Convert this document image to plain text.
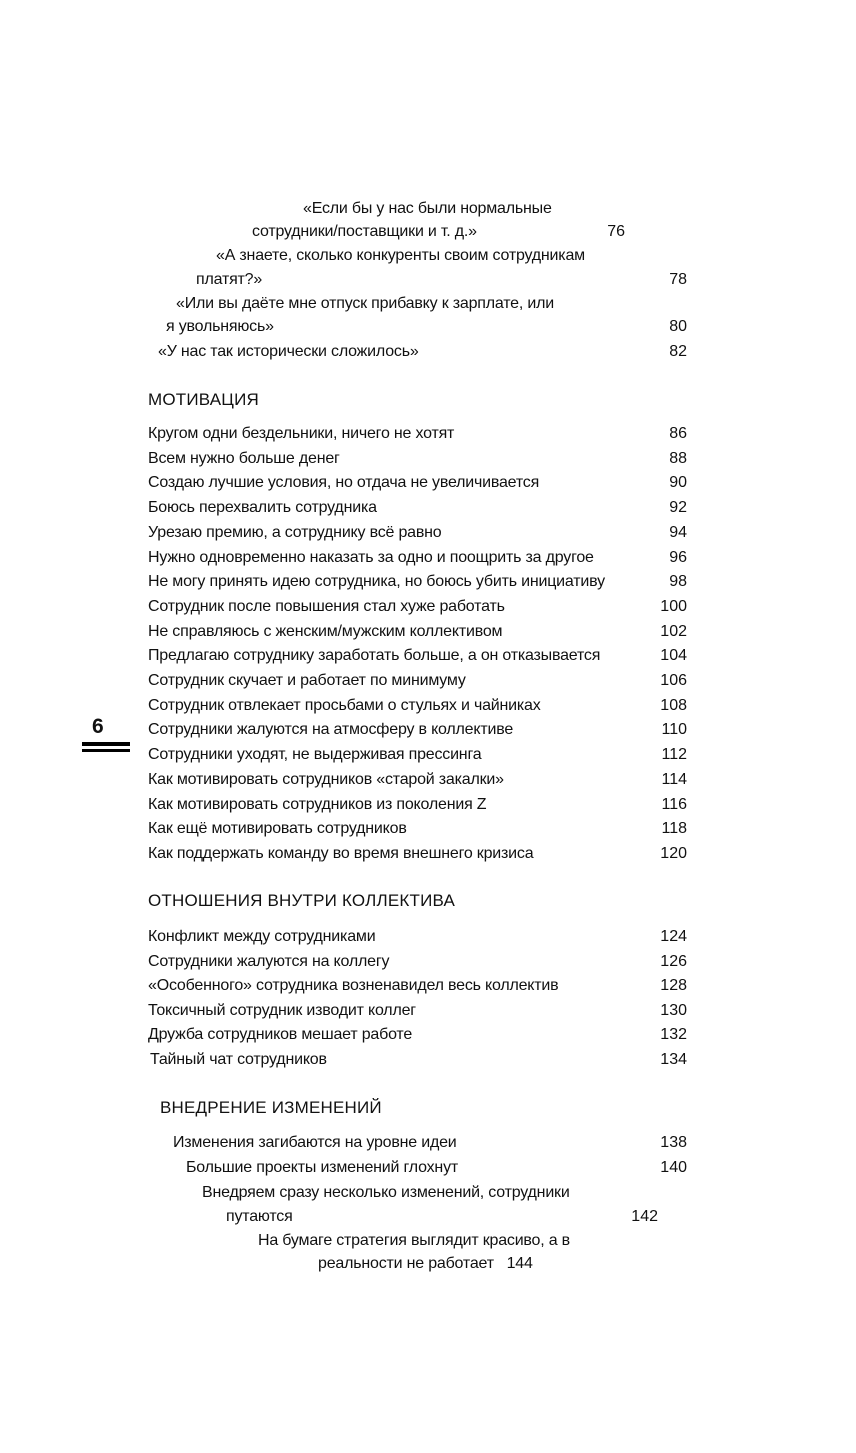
6
«Если бы у нас были нормальные
сотрудники/поставщики и т. д.»	76
«А знаете, сколько конкуренты своим сотрудникам
платят?»	78
«Или вы даёте мне отпуск прибавку к зарплате, или
я увольняюсь»	80
«У нас так исторически сложилось»	82
МОТИВАЦИЯ
Кругом одни бездельники, ничего не хотят	86
Всем нужно больше денег	88
Создаю лучшие условия, но отдача не увеличивается	90
Боюсь перехвалить сотрудника	92
Урезаю премию, а сотруднику всё равно	94
Нужно одновременно наказать за одно и поощрить за другое	96
Не могу принять идею сотрудника, но боюсь убить инициативу	98
Сотрудник после повышения стал хуже работать	100
Не справляюсь с женским/мужским коллективом	102
Предлагаю сотруднику заработать больше, а он отказывается	104
Сотрудник скучает и работает по минимуму	106
Сотрудник отвлекает просьбами о стульях и чайниках	108
Сотрудники жалуются на атмосферу в коллективе	110
Сотрудники уходят, не выдерживая прессинга	112
Как мотивировать сотрудников «старой закалки»	114
Как мотивировать сотрудников из поколения Z	116
Как ещё мотивировать сотрудников	118
Как поддержать команду во время внешнего кризиса	120
ОТНОШЕНИЯ ВНУТРИ КОЛЛЕКТИВА
Конфликт между сотрудниками	124
Сотрудники жалуются на коллегу	126
«Особенного» сотрудника возненавидел весь коллектив	128
Токсичный сотрудник изводит коллег	130
Дружба сотрудников мешает работе	132
Тайный чат сотрудников	134
ВНЕДРЕНИЕ ИЗМЕНЕНИЙ
Изменения загибаются на уровне идеи	138
Большие проекты изменений глохнут	140
Внедряем сразу несколько изменений, сотрудники
путаются	142
На бумаге стратегия выглядит красиво, а в
реальности не работает 144
